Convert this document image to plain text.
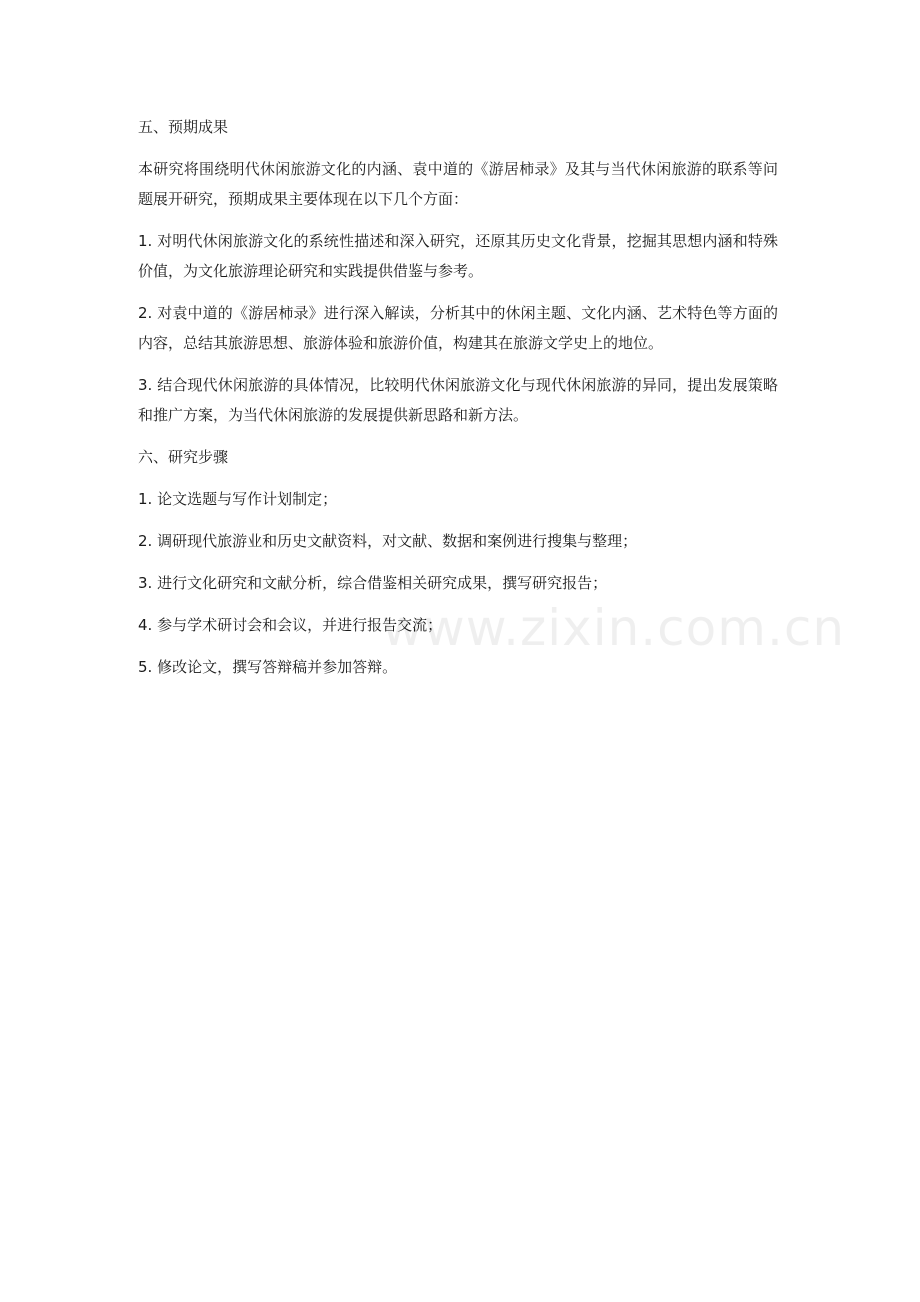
五、预期成果

本研究将围绕明代休闲旅游文化的内涵、袁中道的《游居柿录》及其与当代休闲旅游的联系等问题展开研究，预期成果主要体现在以下几个方面：

1. 对明代休闲旅游文化的系统性描述和深入研究，还原其历史文化背景，挖掘其思想内涵和特殊价值，为文化旅游理论研究和实践提供借鉴与参考。

2. 对袁中道的《游居柿录》进行深入解读，分析其中的休闲主题、文化内涵、艺术特色等方面的内容，总结其旅游思想、旅游体验和旅游价值，构建其在旅游文学史上的地位。

3. 结合现代休闲旅游的具体情况，比较明代休闲旅游文化与现代休闲旅游的异同，提出发展策略和推广方案，为当代休闲旅游的发展提供新思路和新方法。

六、研究步骤

1. 论文选题与写作计划制定；

2. 调研现代旅游业和历史文献资料，对文献、数据和案例进行搜集与整理；

3. 进行文化研究和文献分析，综合借鉴相关研究成果，撰写研究报告；

4. 参与学术研讨会和会议，并进行报告交流；

5. 修改论文，撰写答辩稿并参加答辩。

www.zixin.com.cn
